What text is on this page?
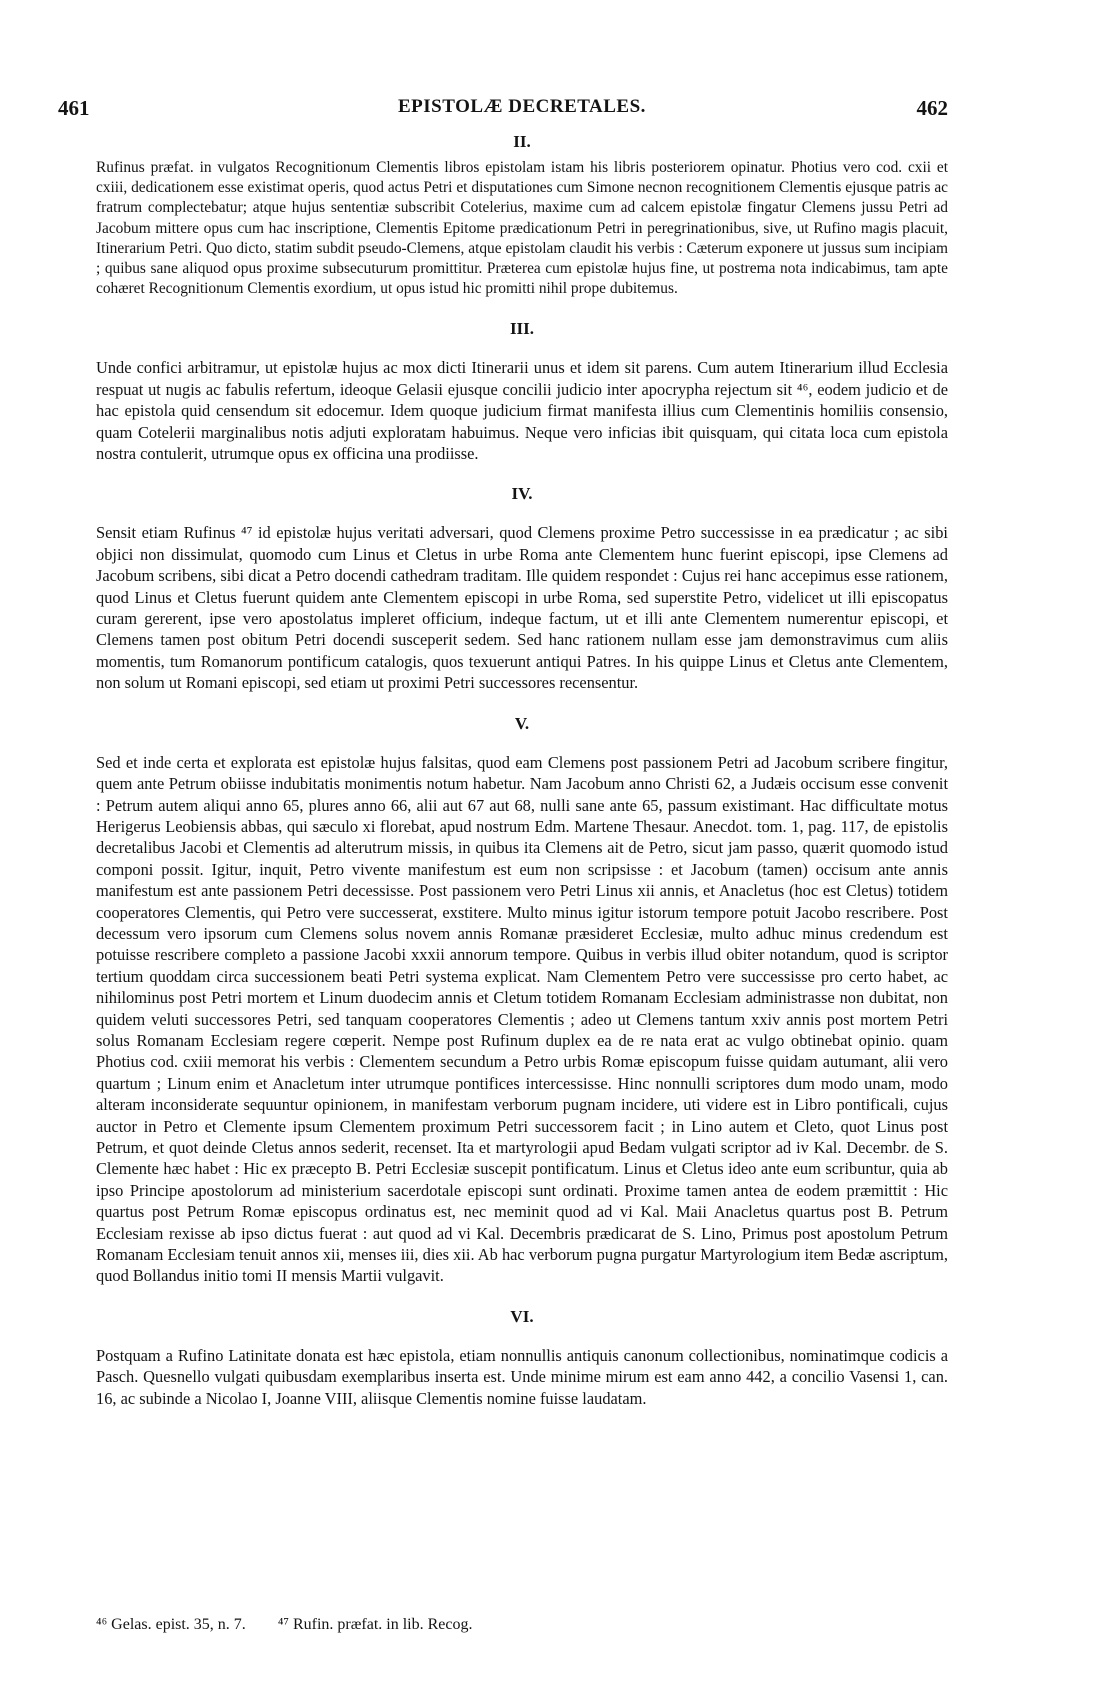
461	EPISTOLÆ DECRETALES.	462
II.

Rufinus præfat. in vulgatos Recognitionum Clementis libros epistolam istam his libris posteriorem opinatur. Photius vero cod. cxii et cxiii, dedicationem esse existimat operis, quod actus Petri et disputationes cum Simone necnon recognitionem Clementis ejusque patris ac fratrum complectebatur; atque hujus sententiæ subscribit Cotelerius, maxime cum ad calcem epistolæ fingatur Clemens jussu Petri ad Jacobum mittere opus cum hac inscriptione, Clementis Epitome prædicationum Petri in peregrinationibus, sive, ut Rufino magis placuit, Itinerarium Petri. Quo dicto, statim subdit pseudo-Clemens, atque epistolam claudit his verbis : Cæterum exponere ut jussus sum incipiam ; quibus sane aliquod opus proxime subsecuturum promittitur. Præterea cum epistolæ hujus fine, ut postrema nota indicabimus, tam apte cohæret Recognitionum Clementis exordium, ut opus istud hic promitti nihil prope dubitemus.

III.

Unde confici arbitramur, ut epistolæ hujus ac mox dicti Itinerarii unus et idem sit parens. Cum autem Itinerarium illud Ecclesia respuat ut nugis ac fabulis refertum, ideoque Gelasii ejusque concilii judicio inter apocrypha rejectum sit ⁴⁶, eodem judicio et de hac epistola quid censendum sit edocemur. Idem quoque judicium firmat manifesta illius cum Clementinis homiliis consensio, quam Cotelerii marginalibus notis adjuti exploratam habuimus. Neque vero inficias ibit quisquam, qui citata loca cum epistola nostra contulerit, utrumque opus ex officina una prodiisse.

IV.

Sensit etiam Rufinus ⁴⁷ id epistolæ hujus veritati adversari, quod Clemens proxime Petro successisse in ea prædicatur ; ac sibi objici non dissimulat, quomodo cum Linus et Cletus in urbe Roma ante Clementem hunc fuerint episcopi, ipse Clemens ad Jacobum scribens, sibi dicat a Petro docendi cathedram traditam. Ille quidem respondet : Cujus rei hanc accepimus esse rationem, quod Linus et Cletus fuerunt quidem ante Clementem episcopi in urbe Roma, sed superstite Petro, videlicet ut illi episcopatus curam gererent, ipse vero apostolatus impleret officium, indeque factum, ut et illi ante Clementem numerentur episcopi, et Clemens tamen post obitum Petri docendi susceperit sedem. Sed hanc rationem nullam esse jam demonstravimus cum aliis momentis, tum Romanorum pontificum catalogis, quos texuerunt antiqui Patres. In his quippe Linus et Cletus ante Clementem, non solum ut Romani episcopi, sed etiam ut proximi Petri successores recensentur.

V.

Sed et inde certa et explorata est epistolæ hujus falsitas, quod eam Clemens post passionem Petri ad Jacobum scribere fingitur, quem ante Petrum obiisse indubitatis monimentis notum habetur. Nam Jacobum anno Christi 62, a Judæis occisum esse convenit : Petrum autem aliqui anno 65, plures anno 66, alii aut 67 aut 68, nulli sane ante 65, passum existimant. Hac difficultate motus Herigerus Leobiensis abbas, qui sæculo xi florebat, apud nostrum Edm. Martene Thesaur. Anecdot. tom. 1, pag. 117, de epistolis decretalibus Jacobi et Clementis ad alterutrum missis, in quibus ita Clemens ait de Petro, sicut jam passo, quærit quomodo istud componi possit. Igitur, inquit, Petro vivente manifestum est eum non scripsisse : et Jacobum (tamen) occisum ante annis manifestum est ante passionem Petri decessisse. Post passionem vero Petri Linus xii annis, et Anacletus (hoc est Cletus) totidem cooperatores Clementis, qui Petro vere successerat, exstitere. Multo minus igitur istorum tempore potuit Jacobo rescribere. Post decessum vero ipsorum cum Clemens solus novem annis Romanæ præsideret Ecclesiæ, multo adhuc minus credendum est potuisse rescribere completo a passione Jacobi xxxii annorum tempore. Quibus in verbis illud obiter notandum, quod is scriptor tertium quoddam circa successionem beati Petri systema explicat. Nam Clementem Petro vere successisse pro certo habet, ac nihilominus post Petri mortem et Linum duodecim annis et Cletum totidem Romanam Ecclesiam administrasse non dubitat, non quidem veluti successores Petri, sed tanquam cooperatores Clementis ; adeo ut Clemens tantum xxiv annis post mortem Petri solus Romanam Ecclesiam regere cœperit. Nempe post Rufinum duplex ea de re nata erat ac vulgo obtinebat opinio. quam Photius cod. cxiii memorat his verbis : Clementem secundum a Petro urbis Romæ episcopum fuisse quidam autumant, alii vero quartum ; Linum enim et Anacletum inter utrumque pontifices intercessisse. Hinc nonnulli scriptores dum modo unam, modo alteram inconsiderate sequuntur opinionem, in manifestam verborum pugnam incidere, uti videre est in Libro pontificali, cujus auctor in Petro et Clemente ipsum Clementem proximum Petri successorem facit ; in Lino autem et Cleto, quot Linus post Petrum, et quot deinde Cletus annos sederit, recenset. Ita et martyrologii apud Bedam vulgati scriptor ad iv Kal. Decembr. de S. Clemente hæc habet : Hic ex præcepto B. Petri Ecclesiæ suscepit pontificatum. Linus et Cletus ideo ante eum scribuntur, quia ab ipso Principe apostolorum ad ministerium sacerdotale episcopi sunt ordinati. Proxime tamen antea de eodem præmittit : Hic quartus post Petrum Romæ episcopus ordinatus est, nec meminit quod ad vi Kal. Maii Anacletus quartus post B. Petrum Ecclesiam rexisse ab ipso dictus fuerat : aut quod ad vi Kal. Decembris prædicarat de S. Lino, Primus post apostolum Petrum Romanam Ecclesiam tenuit annos xii, menses iii, dies xii. Ab hac verborum pugna purgatur Martyrologium item Bedæ ascriptum, quod Bollandus initio tomi II mensis Martii vulgavit.

VI.

Postquam a Rufino Latinitate donata est hæc epistola, etiam nonnullis antiquis canonum collectionibus, nominatimque codicis a Pasch. Quesnello vulgati quibusdam exemplaribus inserta est. Unde minime mirum est eam anno 442, a concilio Vasensi 1, can. 16, ac subinde a Nicolao I, Joanne VIII, aliisque Clementis nomine fuisse laudatam.

⁴⁶ Gelas. epist. 35, n. 7. ⁴⁷ Rufin. præfat. in lib. Recog.
